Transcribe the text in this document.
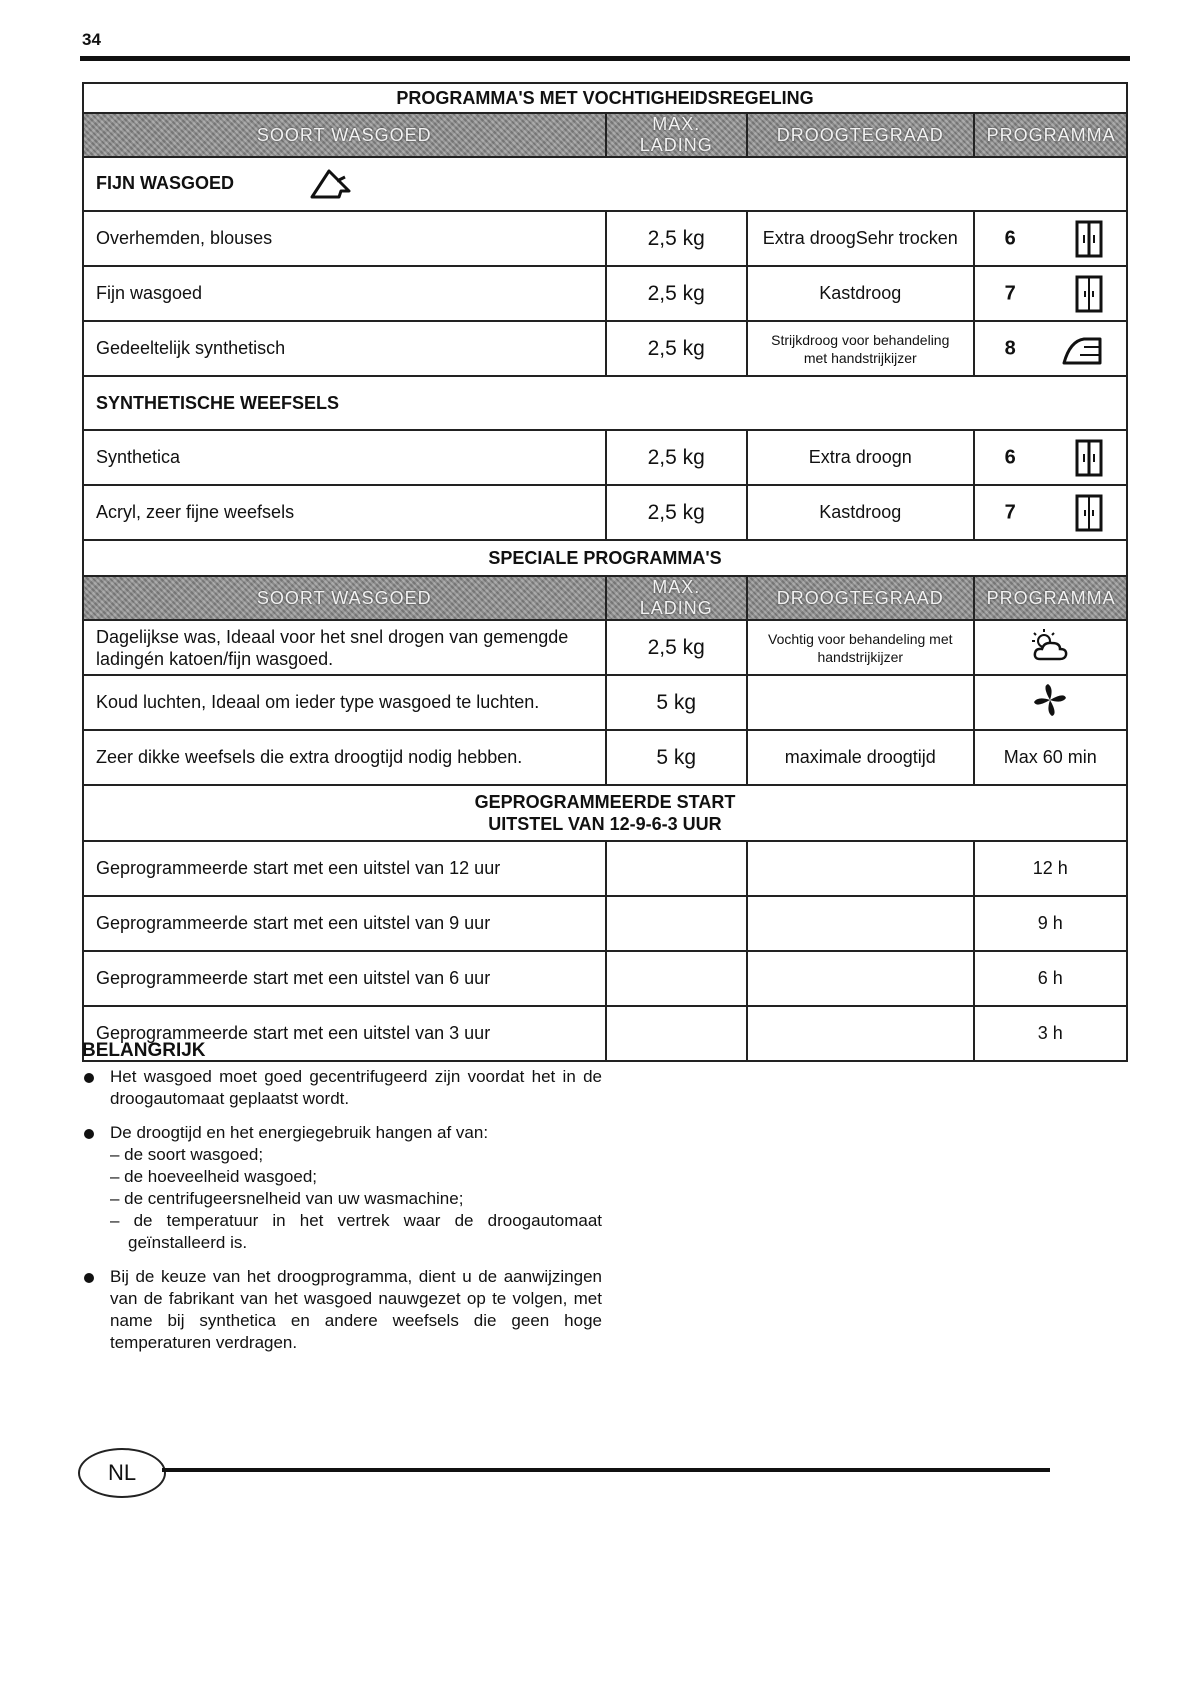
34
PROGRAMMA'S MET VOCHTIGHEIDSREGELING			
SOORT WASGOED	MAX. LADING	DROOGTEGRAAD	PROGRAMMA
FIJN WASGOED			
Overhemden, blouses	2,5 kg	Extra droogSehr trocken	6

Fijn wasgoed	2,5 kg	Kastdroog	7

Gedeeltelijk synthetisch	2,5 kg	Strijkdroog voor behandeling met handstrijkijzer	8

SYNTHETISCHE WEEFSELS			
Synthetica	2,5 kg	Extra droogn	6

Acryl, zeer fijne weefsels	2,5 kg	Kastdroog	7

SPECIALE PROGRAMMA'S			
SOORT WASGOED	MAX. LADING	DROOGTEGRAAD	PROGRAMMA
Dagelijkse was, Ideaal voor het snel drogen van gemengde ladingén katoen/fijn wasgoed.	2,5 kg	Vochtig voor behandeling met handstrijkijzer	
Koud luchten, Ideaal om ieder type wasgoed te luchten.	5 kg		
Zeer dikke weefsels die extra droogtijd nodig hebben.	5 kg	maximale droogtijd	Max 60 min

GEPROGRAMMEERDE START
UITSTEL VAN 12-9-6-3 UUR			

Geprogrammeerde start met een uitstel van 12 uur			12 h
Geprogrammeerde start met een uitstel van 9 uur			9 h
Geprogrammeerde start met een uitstel van 6 uur			6 h
Geprogrammeerde start met een uitstel van 3 uur			3 h
BELANGRIJK
Het wasgoed moet goed gecentrifugeerd zijn voordat het in de droogautomaat geplaatst wordt.
De droogtijd en het energiegebruik hangen af van:
– de soort wasgoed;
– de hoeveelheid wasgoed;
– de centrifugeersnelheid van uw wasmachine;
– de temperatuur in het vertrek waar de droogautomaat geïnstalleerd is.
Bij de keuze van het droogprogramma, dient u de aanwijzingen van de fabrikant van het wasgoed nauwgezet op te volgen, met name bij synthetica en andere weefsels die geen hoge temperaturen verdragen.
NL
